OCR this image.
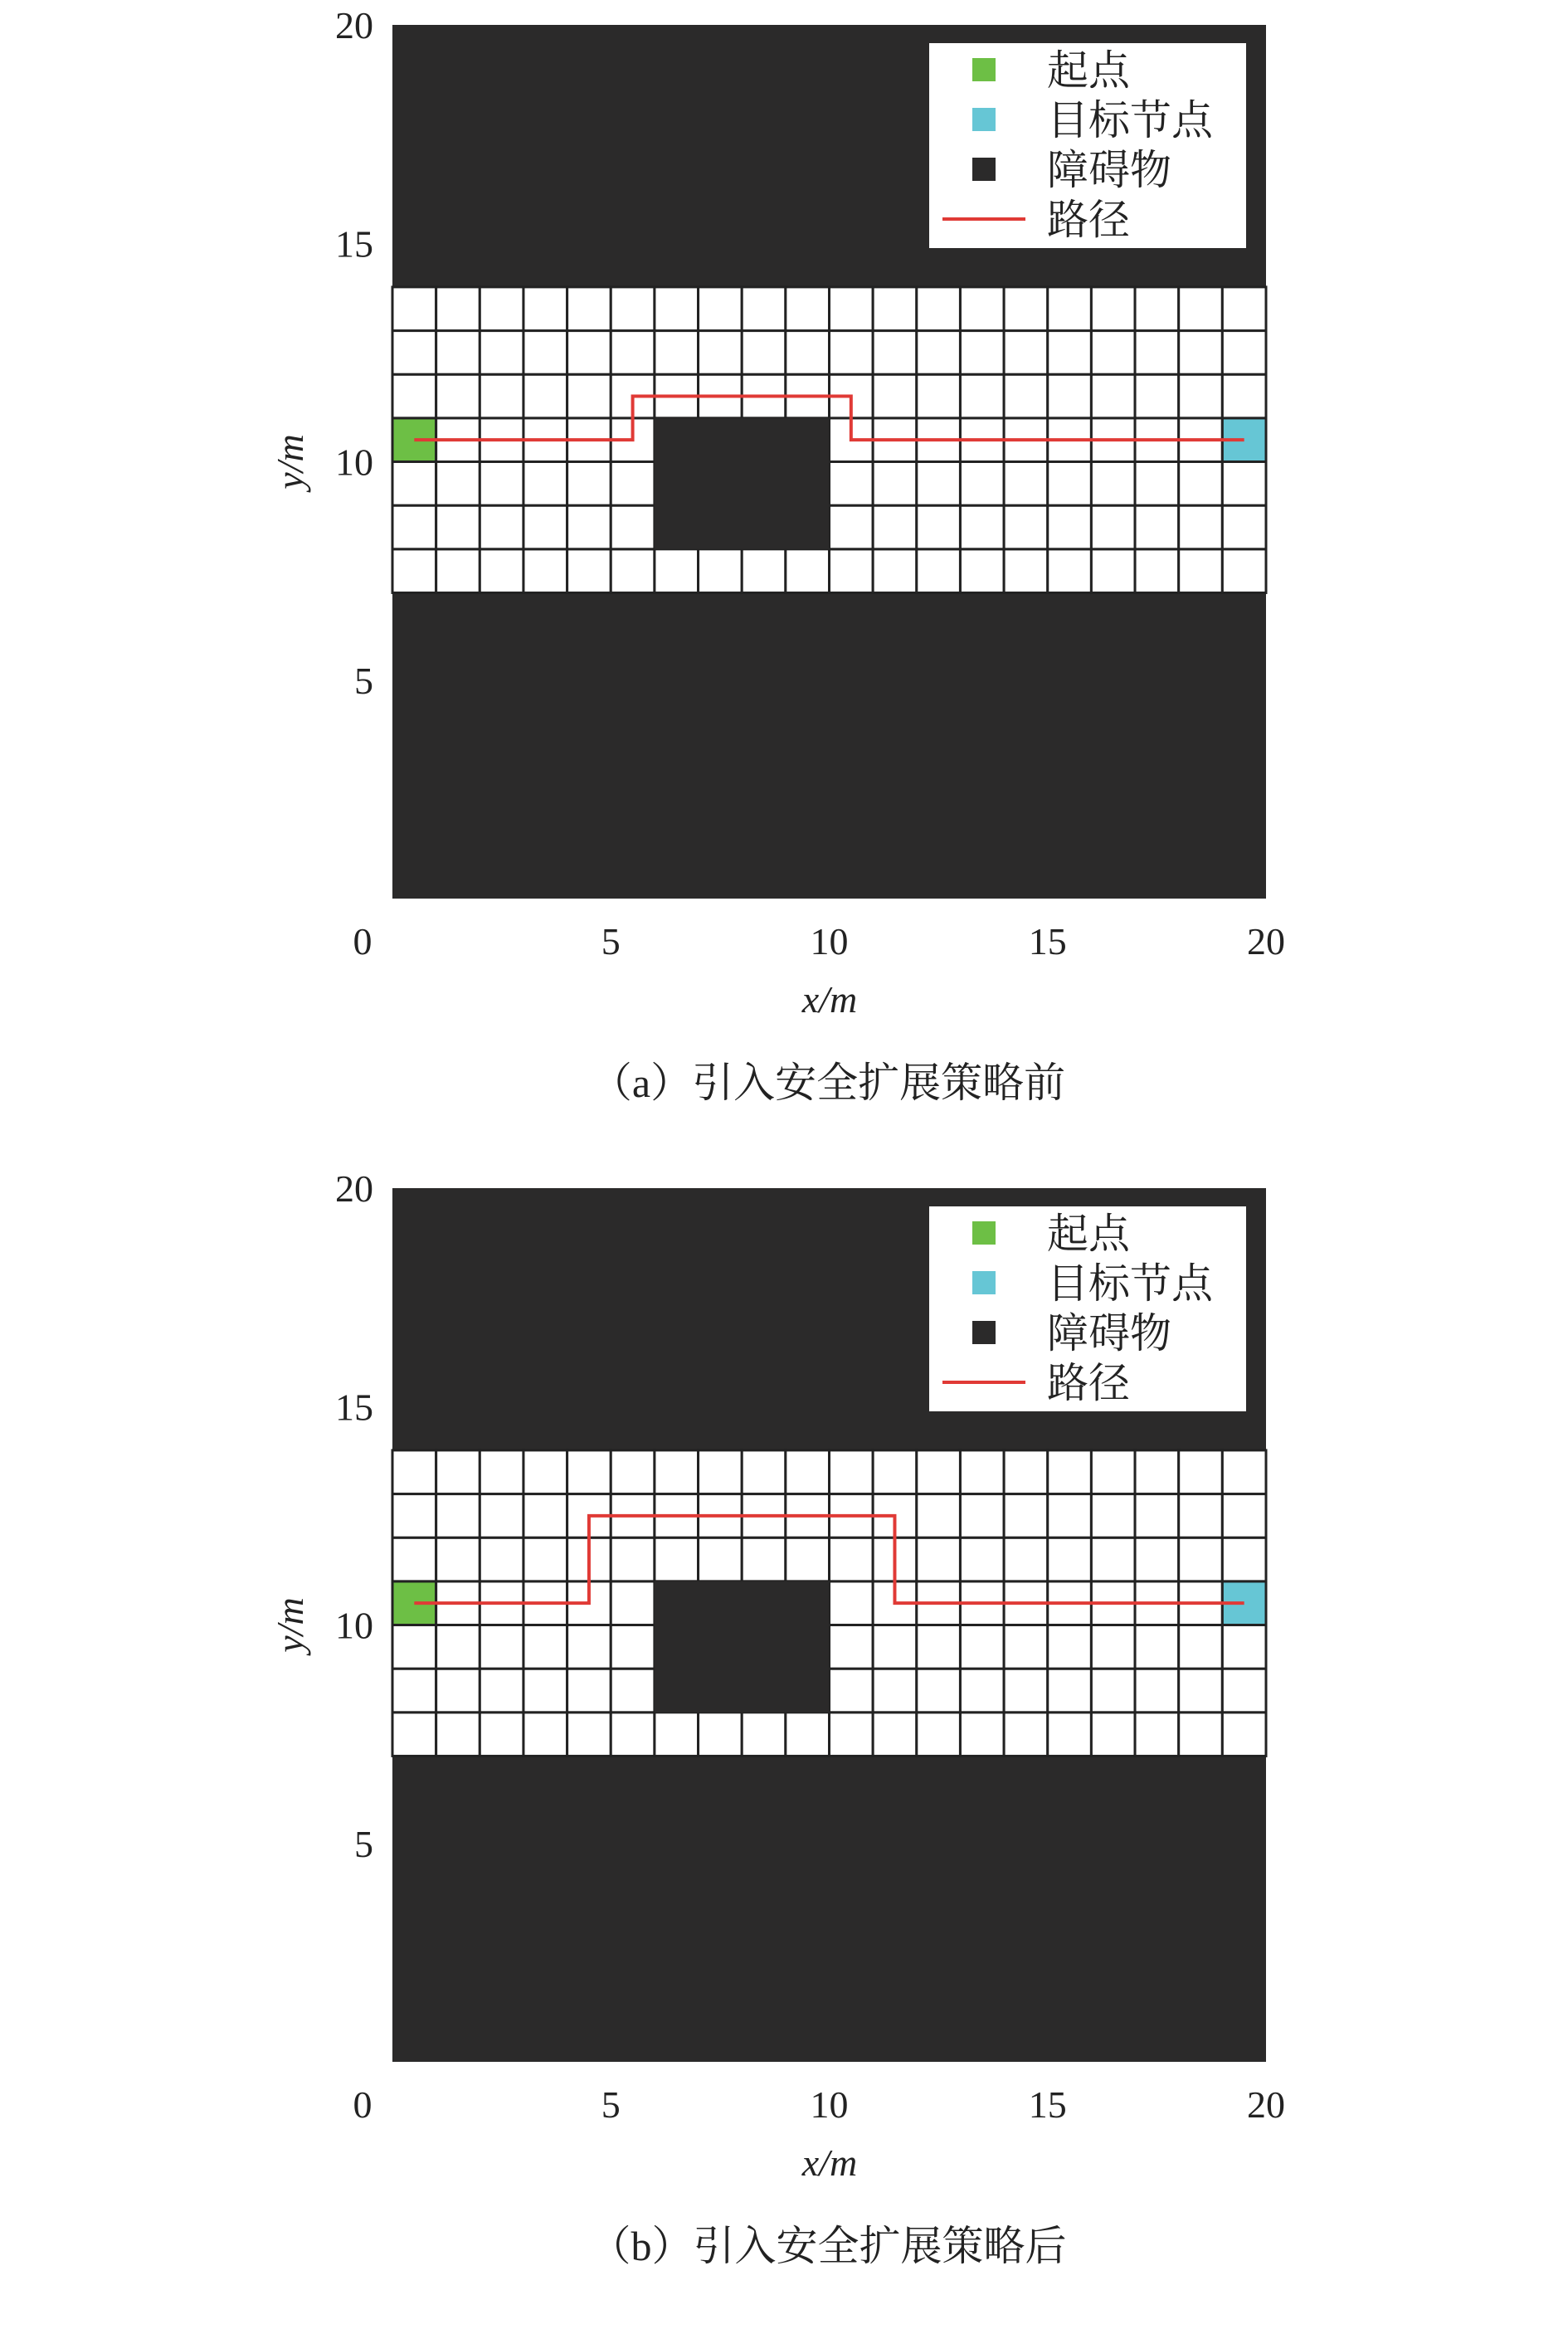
5
10
15
20
0	5	10	15	20
x/m
y/m
（a）引入安全扩展策略前
起点
目标节点
障碍物
路径
5
10
15
20
0	5	10	15	20
x/m
y/m
（b）引入安全扩展策略后
起点
目标节点
障碍物
路径
